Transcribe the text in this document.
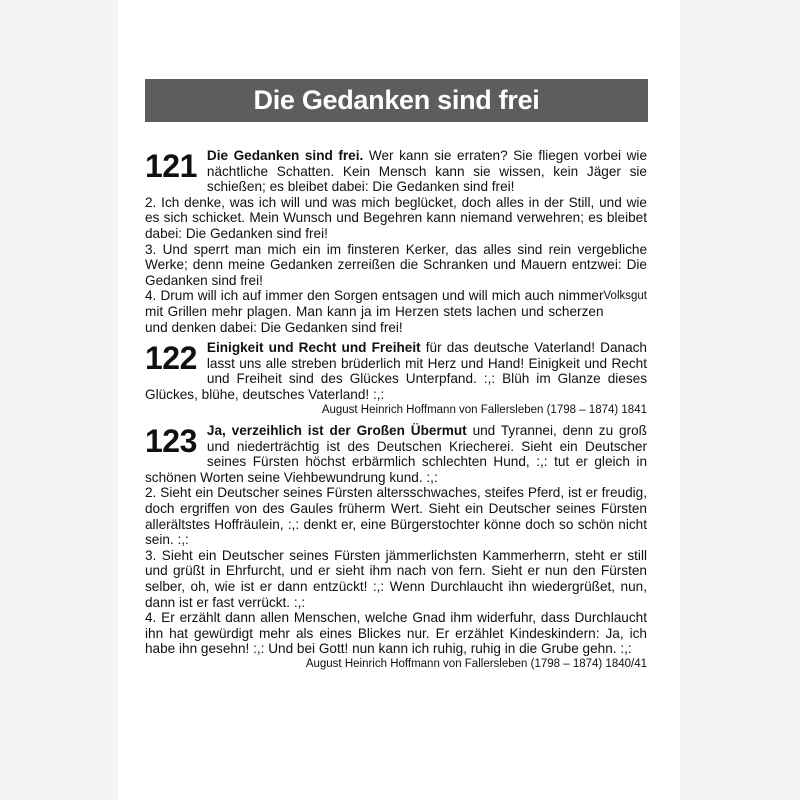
Die Gedanken sind frei
121 Die Gedanken sind frei. Wer kann sie erraten? Sie fliegen vorbei wie nächtliche Schatten. Kein Mensch kann sie wissen, kein Jäger sie schießen; es bleibet dabei: Die Gedanken sind frei!

2. Ich denke, was ich will und was mich beglücket, doch alles in der Still, und wie es sich schicket. Mein Wunsch und Begehren kann niemand verwehren; es bleibet dabei: Die Gedanken sind frei!

3. Und sperrt man mich ein im finsteren Kerker, das alles sind rein vergebliche Werke; denn meine Gedanken zerreißen die Schranken und Mauern entzwei: Die Gedanken sind frei!

Volksgut
4. Drum will ich auf immer den Sorgen entsagen und will mich auch nimmer mit Grillen mehr plagen. Man kann ja im Herzen stets lachen und scherzen und denken dabei: Die Gedanken sind frei!

122 Einigkeit und Recht und Freiheit für das deutsche Vaterland! Danach lasst uns alle streben brüderlich mit Herz und Hand! Einigkeit und Recht und Freiheit sind des Glückes Unterpfand. :,: Blüh im Glanze dieses Glückes, blühe, deutsches Vaterland! :,:

August Heinrich Hoffmann von Fallersleben (1798 – 1874) 1841

123 Ja, verzeihlich ist der Großen Übermut und Tyrannei, denn zu groß und niederträchtig ist des Deutschen Kriecherei. Sieht ein Deutscher seines Fürsten höchst erbärmlich schlechten Hund, :,: tut er gleich in schönen Worten seine Viehbewundrung kund. :,:

2. Sieht ein Deutscher seines Fürsten altersschwaches, steifes Pferd, ist er freudig, doch ergriffen von des Gaules früherm Wert. Sieht ein Deutscher seines Fürsten allerältstes Hoffräulein, :,: denkt er, eine Bürgerstochter könne doch so schön nicht sein. :,:

3. Sieht ein Deutscher seines Fürsten jämmerlichsten Kammerherrn, steht er still und grüßt in Ehrfurcht, und er sieht ihm nach von fern. Sieht er nun den Fürsten selber, oh, wie ist er dann entzückt! :,: Wenn Durchlaucht ihn wiedergrüßet, nun, dann ist er fast verrückt. :,:

4. Er erzählt dann allen Menschen, welche Gnad ihm widerfuhr, dass Durchlaucht ihn hat gewürdigt mehr als eines Blickes nur. Er erzählet Kindeskindern: Ja, ich habe ihn gesehn! :,: Und bei Gott! nun kann ich ruhig, ruhig in die Grube gehn. :,:

August Heinrich Hoffmann von Fallersleben (1798 – 1874) 1840/41
